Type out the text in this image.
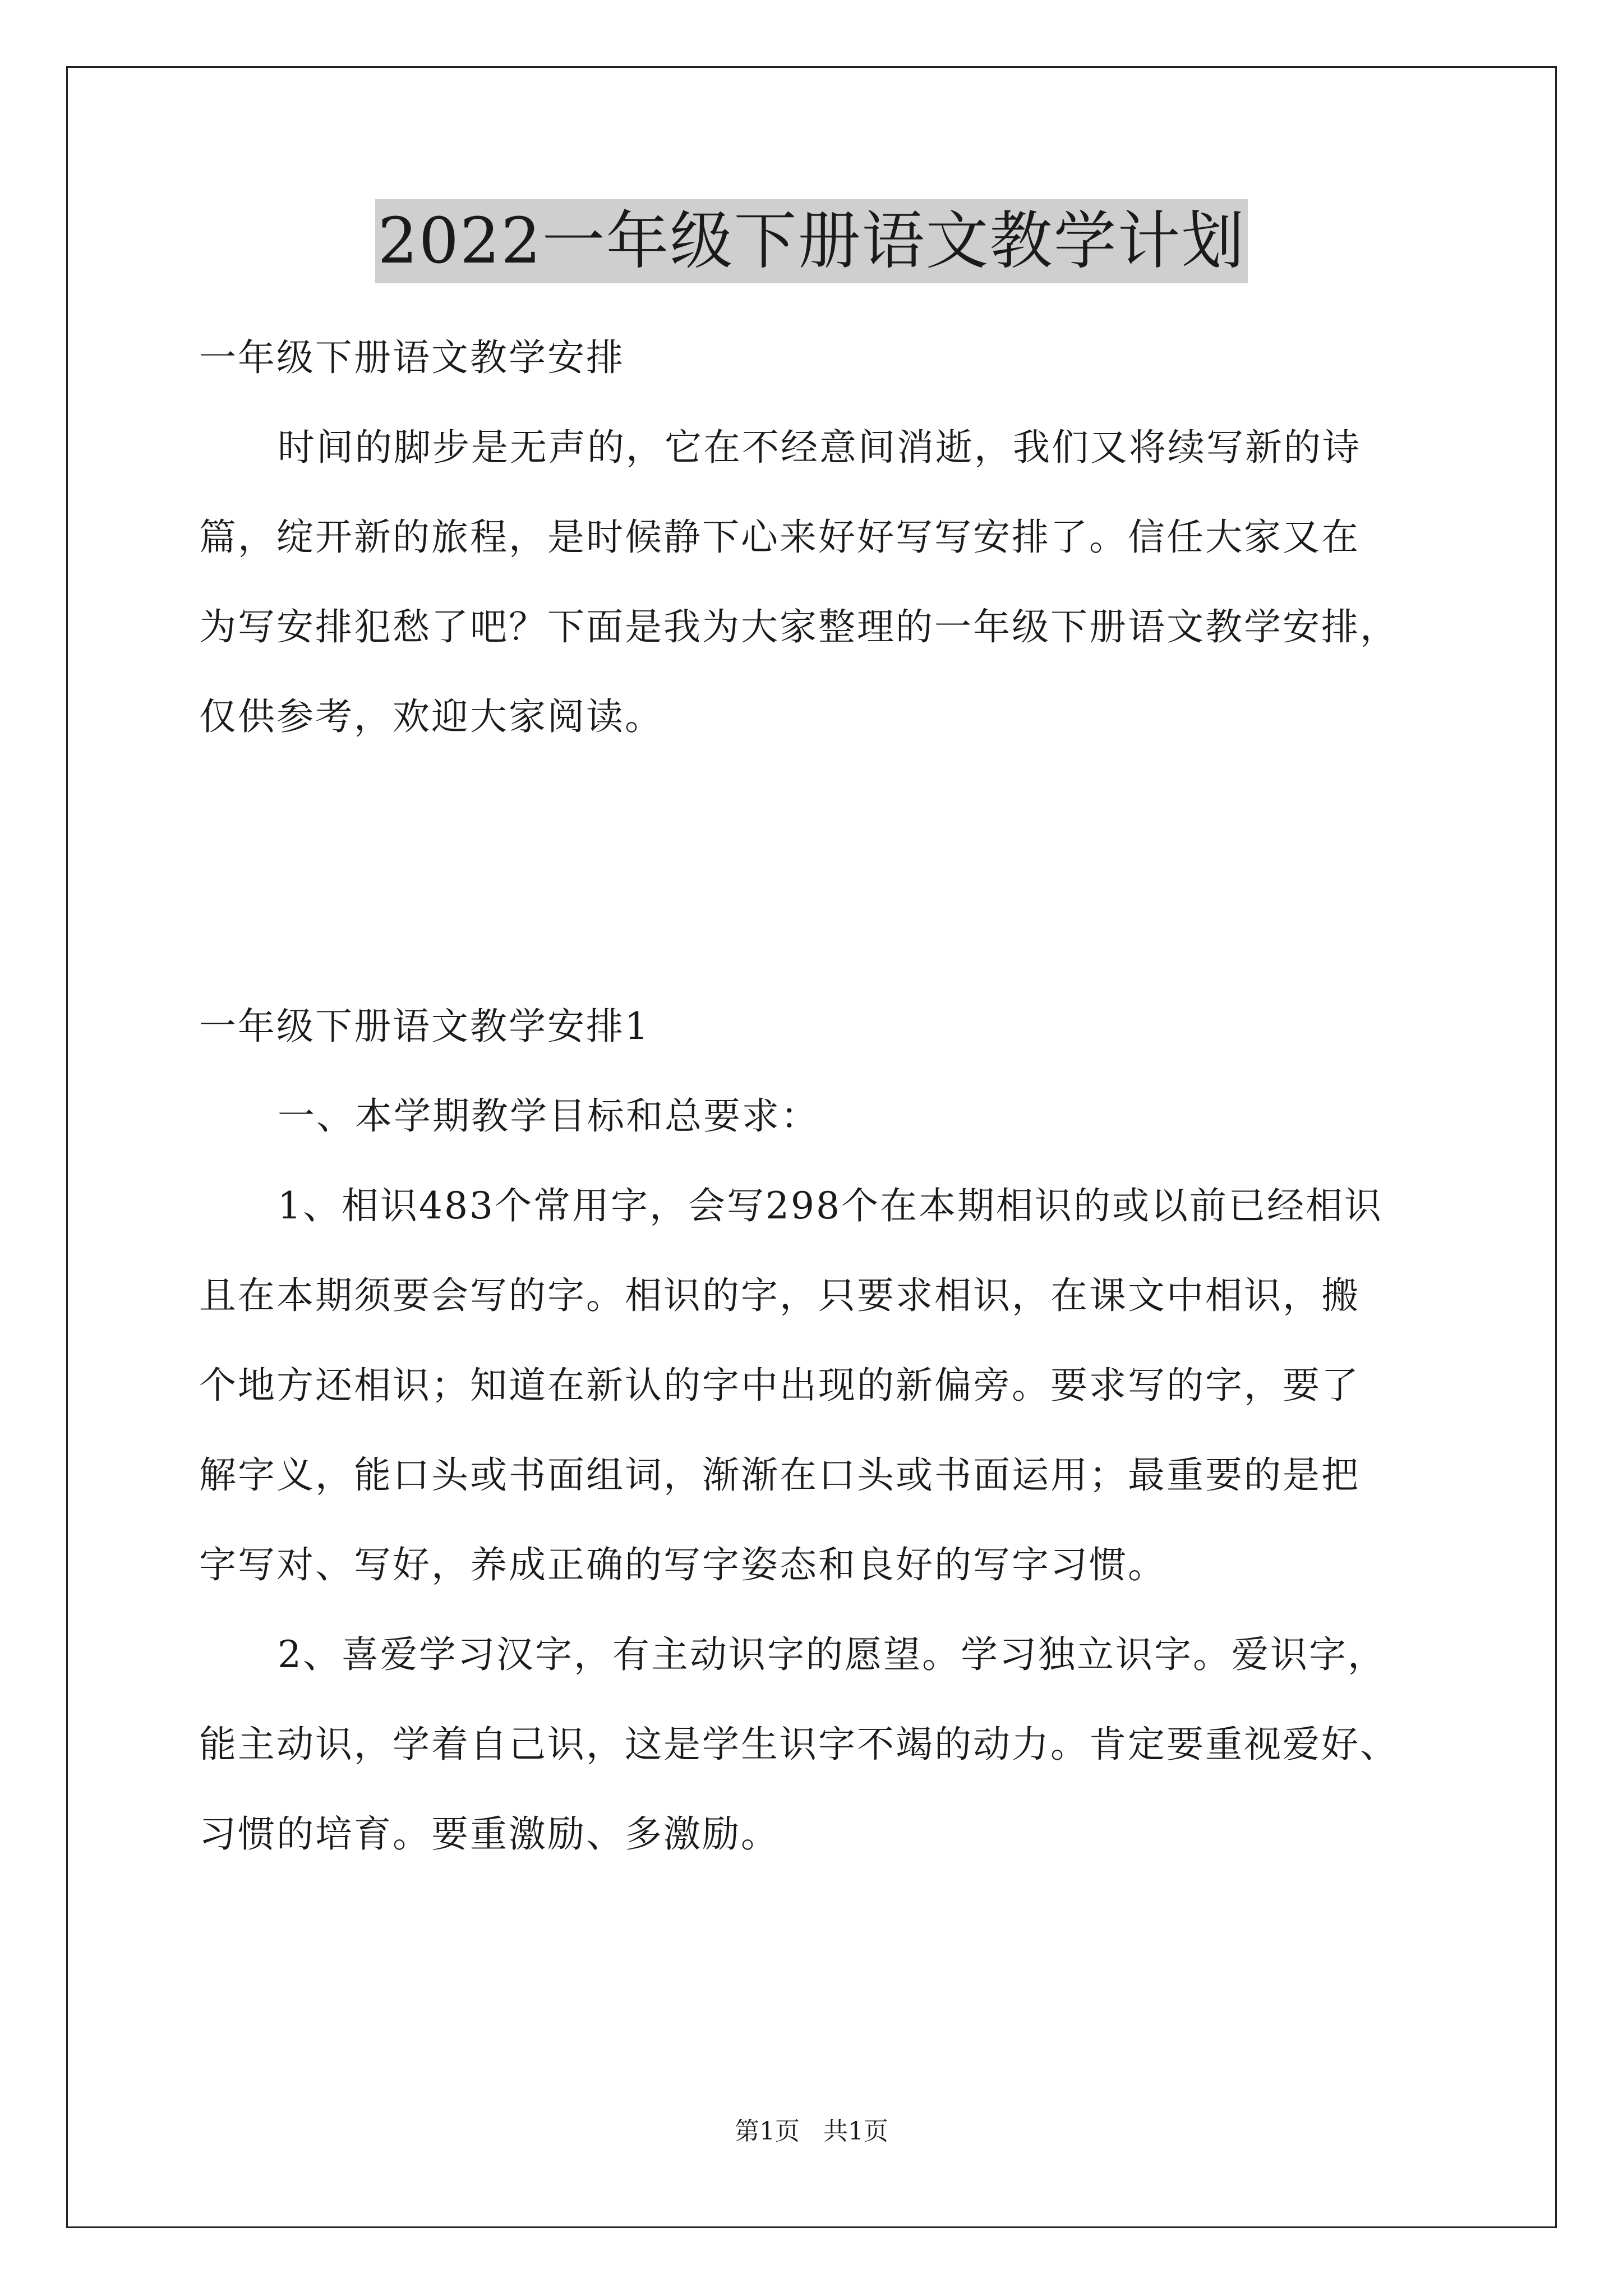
2022一年级下册语文教学计划
一年级下册语文教学安排
时间的脚步是无声的，它在不经意间消逝，我们又将续写新的诗
篇，绽开新的旅程，是时候静下心来好好写写安排了。信任大家又在
为写安排犯愁了吧？下面是我为大家整理的一年级下册语文教学安排，
仅供参考，欢迎大家阅读。
一年级下册语文教学安排1
一、本学期教学目标和总要求：
1、相识483个常用字，会写298个在本期相识的或以前已经相识
且在本期须要会写的字。相识的字，只要求相识，在课文中相识，搬
个地方还相识；知道在新认的字中出现的新偏旁。要求写的字，要了
解字义，能口头或书面组词，渐渐在口头或书面运用；最重要的是把
字写对、写好，养成正确的写字姿态和良好的写字习惯。
2、喜爱学习汉字，有主动识字的愿望。学习独立识字。爱识字，
能主动识，学着自己识，这是学生识字不竭的动力。肯定要重视爱好、
习惯的培育。要重激励、多激励。
第1页   共1页
